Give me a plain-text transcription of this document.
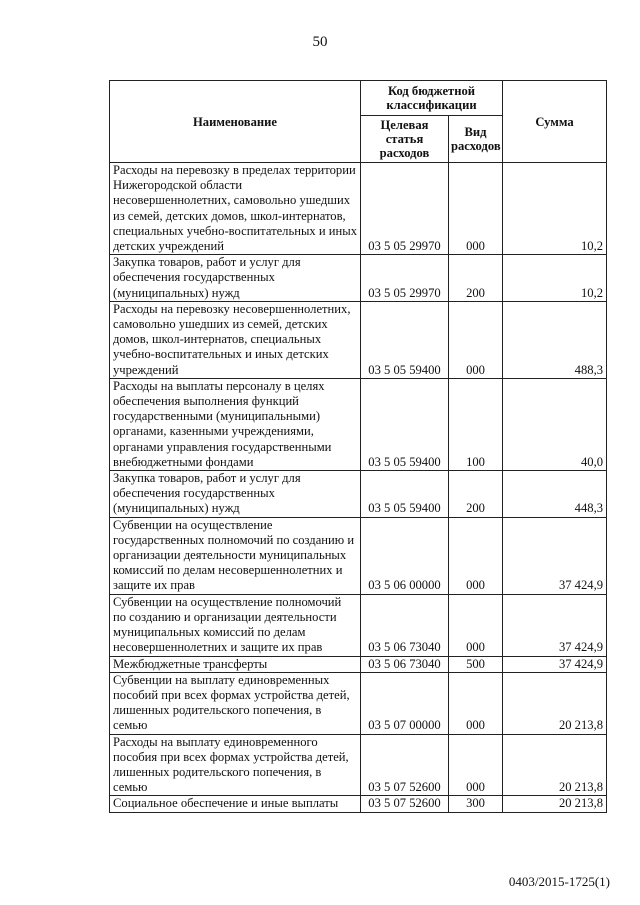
50
Наименование	Код бюджетной классификации		Сумма
	Целевая статья расходов	Вид расходов	
Расходы на перевозку в пределах территории Нижегородской области несовершеннолетних, самовольно ушедших из семей, детских домов, школ-интернатов, специальных учебно-воспитательных и иных детских учреждений	03 5 05 29970	000	10,2
Закупка товаров, работ и услуг для обеспечения государственных (муниципальных) нужд	03 5 05 29970	200	10,2
Расходы на перевозку несовершеннолетних, самовольно ушедших из семей, детских домов, школ-интернатов, специальных учебно-воспитательных и иных детских учреждений	03 5 05 59400	000	488,3
Расходы на выплаты персоналу в целях обеспечения выполнения функций государственными (муниципальными) органами, казенными учреждениями, органами управления государственными внебюджетными фондами	03 5 05 59400	100	40,0
Закупка товаров, работ и услуг для обеспечения государственных (муниципальных) нужд	03 5 05 59400	200	448,3
Субвенции на осуществление государственных полномочий по созданию и организации деятельности муниципальных комиссий по делам несовершеннолетних и защите их прав	03 5 06 00000	000	37 424,9
Субвенции на осуществление полномочий по созданию и организации деятельности муниципальных комиссий по делам несовершеннолетних и защите их прав	03 5 06 73040	000	37 424,9
Межбюджетные трансферты	03 5 06 73040	500	37 424,9
Субвенции на выплату единовременных пособий при всех формах устройства детей, лишенных родительского попечения, в семью	03 5 07 00000	000	20 213,8
Расходы на выплату единовременного пособия при всех формах устройства детей, лишенных родительского попечения, в семью	03 5 07 52600	000	20 213,8
Социальное обеспечение и иные выплаты	03 5 07 52600	300	20 213,8
0403/2015-1725(1)
